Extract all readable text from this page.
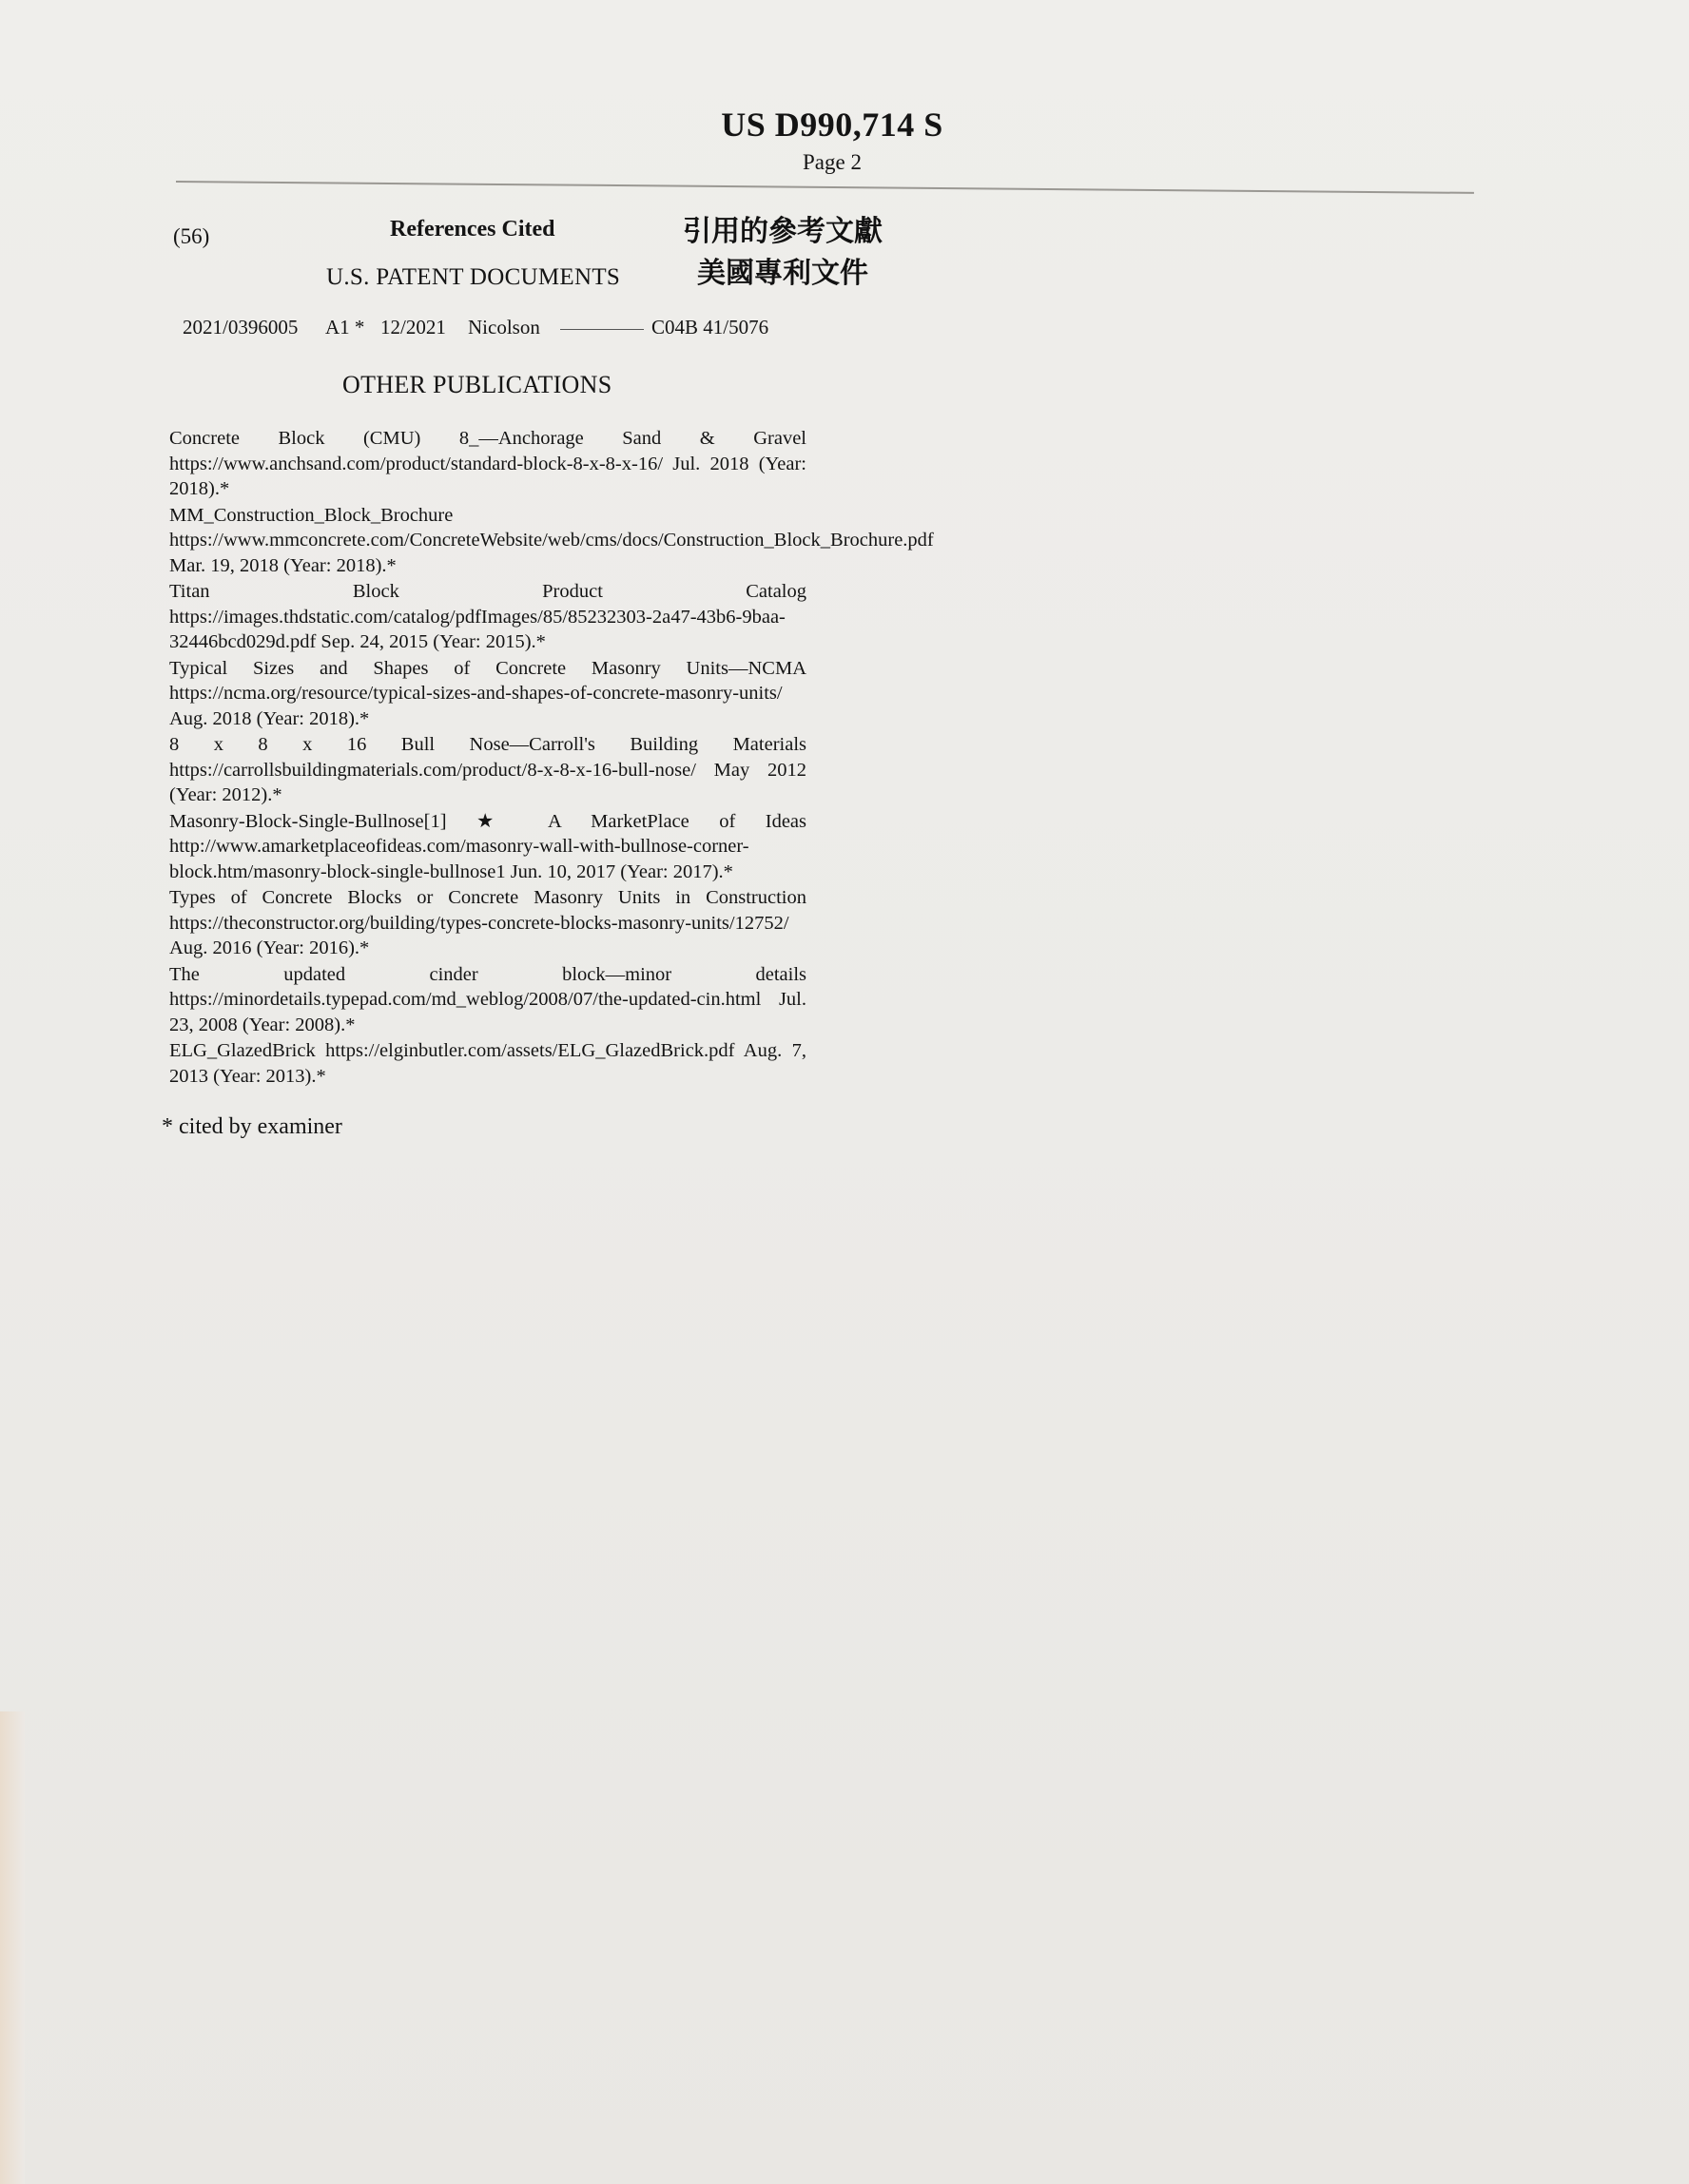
US D990,714 S
Page 2
(56)	References Cited	引用的參考文獻
U.S. PATENT DOCUMENTS	美國專利文件
2021/0396005 A1 * 12/2021 Nicolson	C04B 41/5076
OTHER PUBLICATIONS

Concrete Block (CMU) 8_—Anchorage Sand & Gravel https://www.anchsand.com/product/standard-block-8-x-8-x-16/ Jul. 2018 (Year: 2018).*

MM_Construction_Block_Brochure https://www.mmconcrete.com/ConcreteWebsite/web/cms/docs/Construction_Block_Brochure.pdf Mar. 19, 2018 (Year: 2018).*

Titan Block Product Catalog https://images.thdstatic.com/catalog/pdfImages/85/85232303-2a47-43b6-9baa-32446bcd029d.pdf Sep. 24, 2015 (Year: 2015).*

Typical Sizes and Shapes of Concrete Masonry Units—NCMA https://ncma.org/resource/typical-sizes-and-shapes-of-concrete-masonry-units/ Aug. 2018 (Year: 2018).*

8 x 8 x 16 Bull Nose—Carroll's Building Materials https://carrollsbuildingmaterials.com/product/8-x-8-x-16-bull-nose/ May 2012 (Year: 2012).*

Masonry-Block-Single-Bullnose[1] ★ A MarketPlace of Ideas http://www.amarketplaceofideas.com/masonry-wall-with-bullnose-corner-block.htm/masonry-block-single-bullnose1 Jun. 10, 2017 (Year: 2017).*

Types of Concrete Blocks or Concrete Masonry Units in Construction https://theconstructor.org/building/types-concrete-blocks-masonry-units/12752/ Aug. 2016 (Year: 2016).*

The updated cinder block—minor details https://minordetails.typepad.com/md_weblog/2008/07/the-updated-cin.html Jul. 23, 2008 (Year: 2008).*

ELG_GlazedBrick https://elginbutler.com/assets/ELG_GlazedBrick.pdf Aug. 7, 2013 (Year: 2013).*

* cited by examiner
